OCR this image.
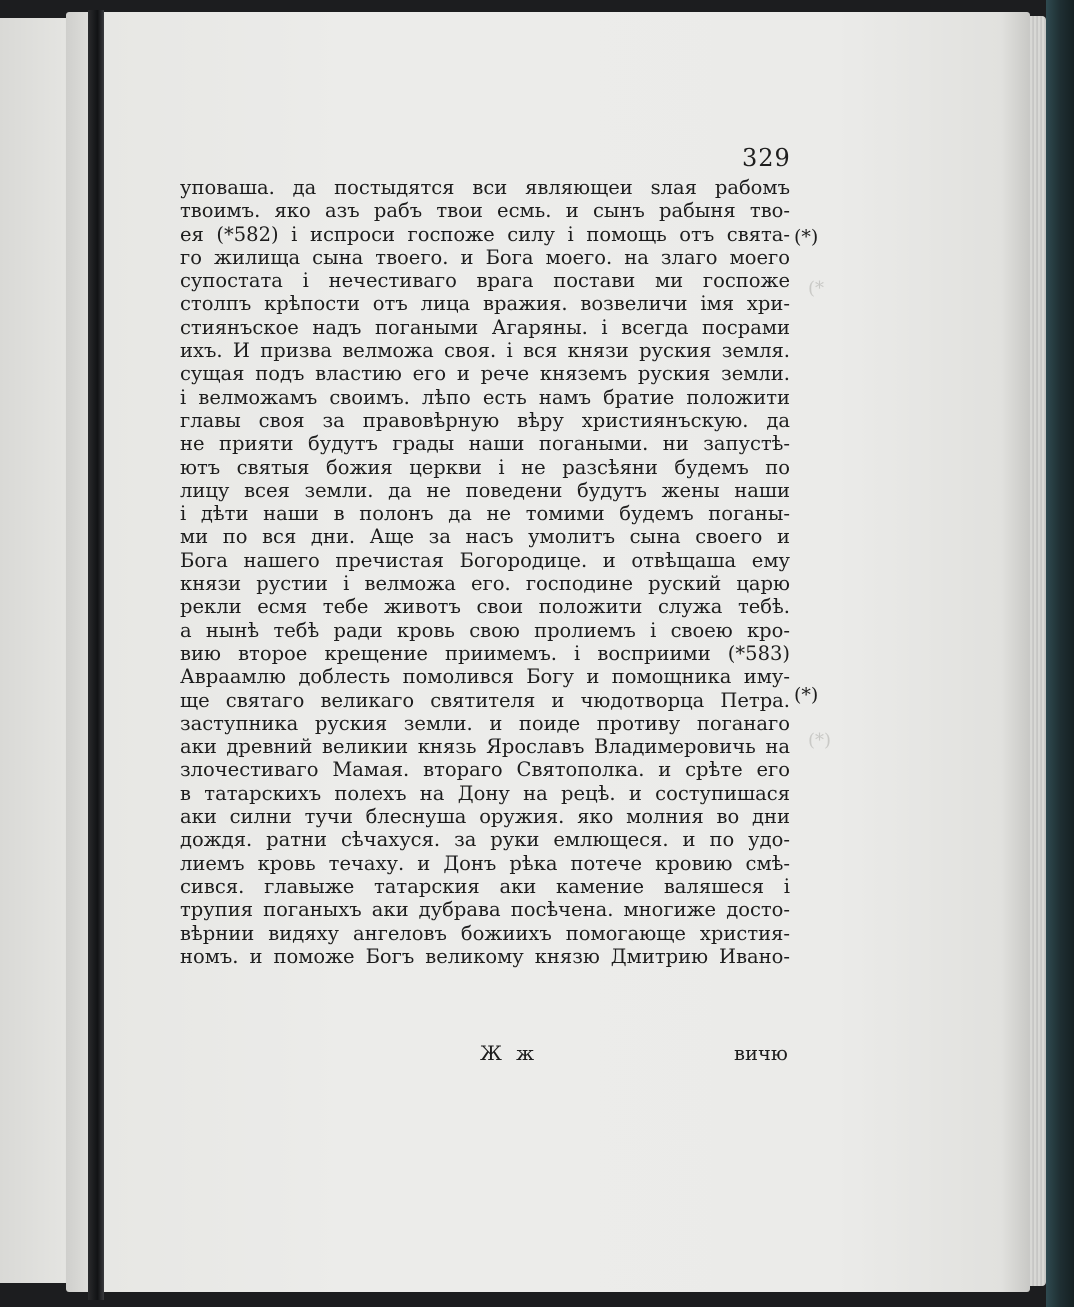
329
уповаша. да постыдятся вси являющеи ѕлая рабомъ
твоимъ. яко азъ рабъ твои есмь. и сынъ рабыня тво-
ея (*582) і испроси госпоже силу і помощь отъ свята-
го жилища сына твоего. и Бога моего. на злаго моего
супостата і нечестиваго врага постави ми госпоже
столпъ крѣпости отъ лица вражия. возвеличи імя хри-
стиянъское надъ погаными Агаряны. і всегда посрами
ихъ. И призва велможа своя. і вся князи руския земля.
сущая подъ властию его и рече княземъ руския земли.
і велможамъ своимъ. лѣпо есть намъ братие положити
главы своя за правовѣрную вѣру християнъскую. да
не прияти будутъ грады наши погаными. ни запустѣ-
ютъ святыя божия церкви і не разсѣяни будемъ по
лицу всея земли. да не поведени будутъ жены наши
і дѣти наши в полонъ да не томими будемъ поганы-
ми по вся дни. Аще за насъ умолитъ сына своего и
Бога нашего пречистая Богородице. и отвѣщаша ему
князи рустии і велможа его. господине руский царю
рекли есмя тебе животъ свои положити служа тебѣ.
а нынѣ тебѣ ради кровь свою пролиемъ і своею кро-
вию второе крещение приимемъ. і восприими (*583)
Авраамлю доблесть помолився Богу и помощника иму-
ще святаго великаго святителя и чюдотворца Петра.
заступника руския земли. и поиде противу поганаго
аки древний великии князь Ярославъ Владимеровичь на
злочестиваго Мамая. втораго Святополка. и срѣте его
в татарскихъ полехъ на Дону на рецѣ. и соступишася
аки силни тучи блеснуша оружия. яко молния во дни
дождя. ратни сѣчахуся. за руки емлющеся. и по удо-
лиемъ кровь течаху. и Донъ рѣка потече кровию смѣ-
сився. главыже татарския аки камение валяшеся і
трупия поганыхъ аки дубрава посѣчена. многиже досто-
вѣрнии видяху ангеловъ божиихъ помогающе христия-
номъ. и поможе Богъ великому князю Дмитрию Ивано-
(*)
(*)
(*
(*)
Ж ж	вичю
